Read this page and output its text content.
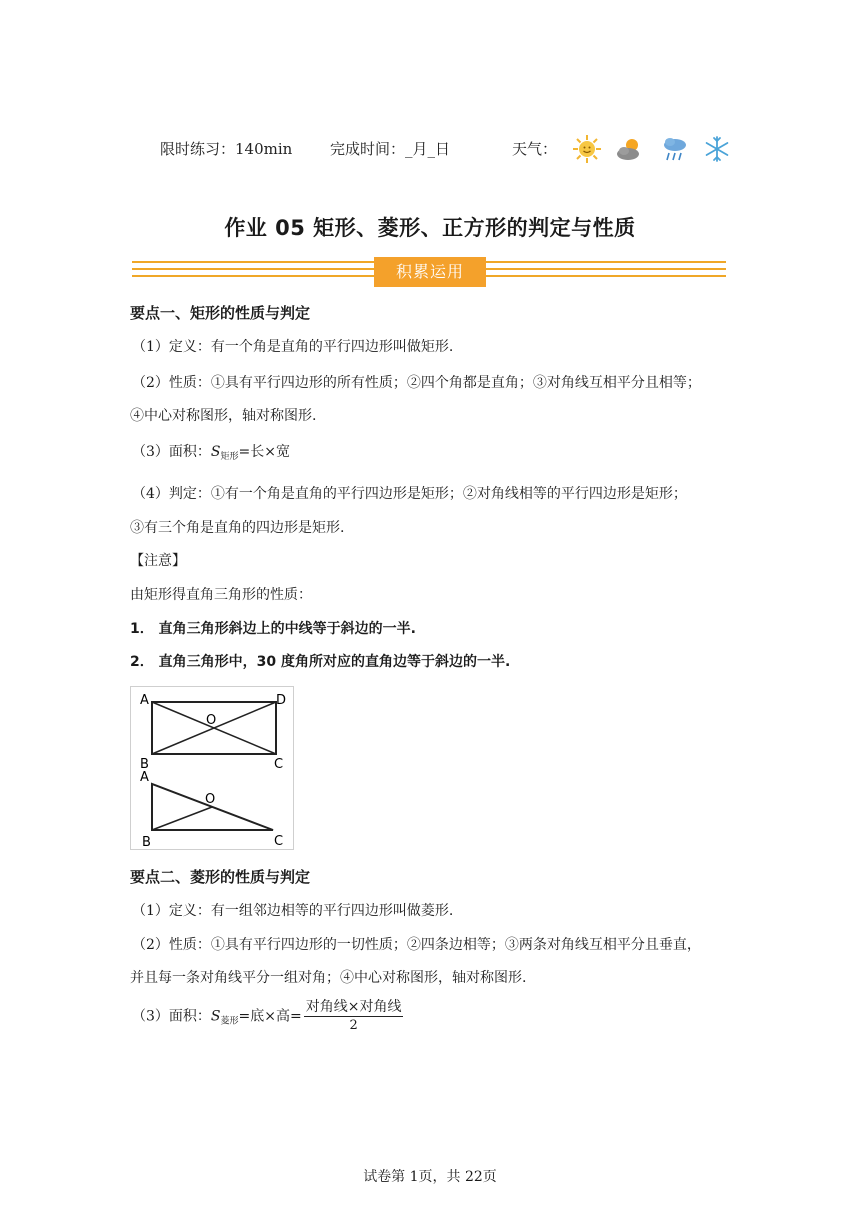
限时练习：140min	完成时间：_月_日	天气：
作业 05 矩形、菱形、正方形的判定与性质
积累运用
要点一、矩形的性质与判定
（1）定义：有一个角是直角的平行四边形叫做矩形.
（2）性质：①具有平行四边形的所有性质；②四个角都是直角；③对角线互相平分且相等；
④中心对称图形，轴对称图形.
（3）面积：$S_{矩形}=$长×宽
（4）判定：①有一个角是直角的平行四边形是矩形；②对角线相等的平行四边形是矩形；
③有三个角是直角的四边形是矩形.
【注意】
由矩形得直角三角形的性质：
1． 直角三角形斜边上的中线等于斜边的一半.
2． 直角三角形中，30 度角所对应的直角边等于斜边的一半.
A	D
B	C
O
A
B	C
O
要点二、菱形的性质与判定
（1）定义：有一组邻边相等的平行四边形叫做菱形.
（2）性质：①具有平行四边形的一切性质；②四条边相等；③两条对角线互相平分且垂直，
并且每一条对角线平分一组对角；④中心对称图形，轴对称图形.
（3）面积：$S_{菱形}=$底×高= $\frac{\text{对角线×对角线}}{2}$
试卷第 1页，共 22页
